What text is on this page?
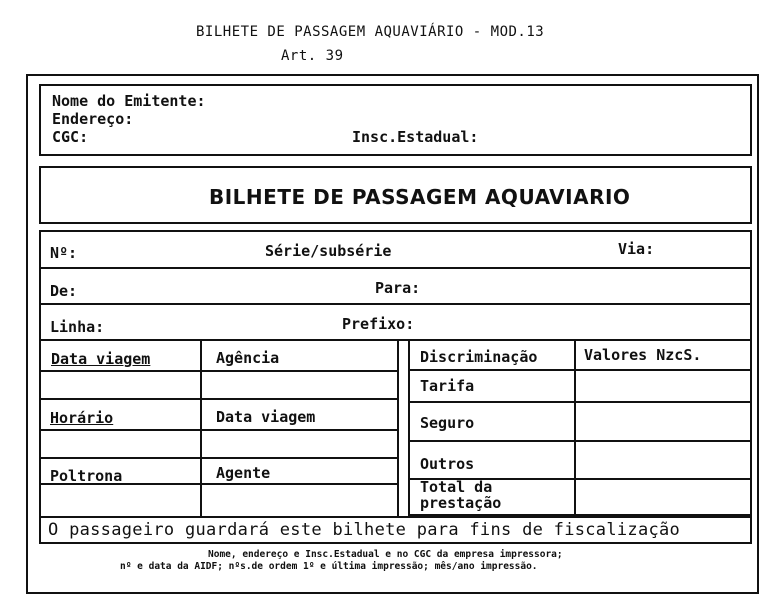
BILHETE DE PASSAGEM AQUAVIÁRIO - MOD.13
Art. 39
Nome do Emitente:
Endereço:
CGC:	Insc.Estadual:
BILHETE DE PASSAGEM AQUAVIARIO
Nº:	Série/subsérie	Via:
De:	Para:
Linha:	Prefixo:
Data viagem	Agência
Horário	Data viagem
Poltrona	Agente
Discriminação	Valores NzcS.
Tarifa
Seguro
Outros
Total da
prestação
O passageiro guardará este bilhete para fins de fiscalização
Nome, endereço e Insc.Estadual e no CGC da empresa impressora;
nº e data da AIDF; nºs.de ordem 1º e última impressão; mês/ano impressão.
